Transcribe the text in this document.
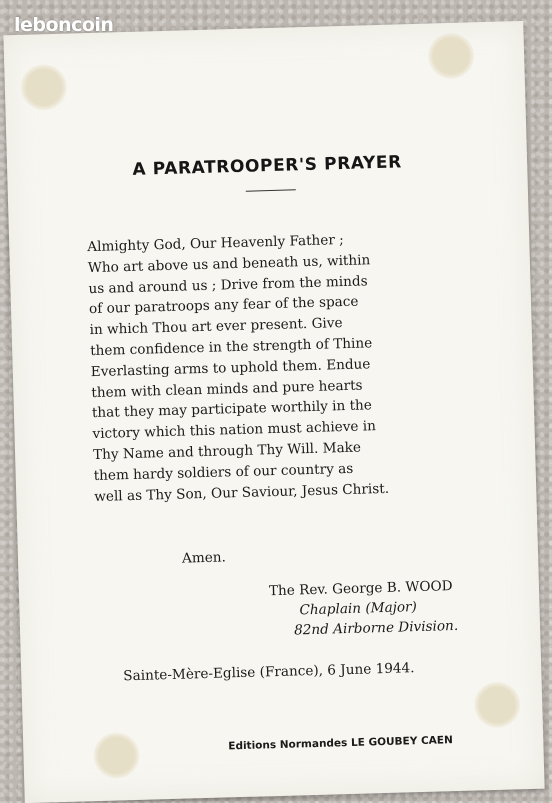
leboncoin
A PARATROOPER'S PRAYER
Almighty God, Our Heavenly Father ;
Who art above us and beneath us, within
us and around us ; Drive from the minds
of our paratroops any fear of the space
in which Thou art ever present. Give
them confidence in the strength of Thine
Everlasting arms to uphold them. Endue
them with clean minds and pure hearts
that they may participate worthily in the
victory which this nation must achieve in
Thy Name and through Thy Will. Make
them hardy soldiers of our country as
well as Thy Son, Our Saviour, Jesus Christ.
Amen.
The Rev. George B. WOOD
Chaplain (Major)
82nd Airborne Division.
Sainte-Mère-Eglise (France), 6 June 1944.
Editions Normandes LE GOUBEY CAEN
